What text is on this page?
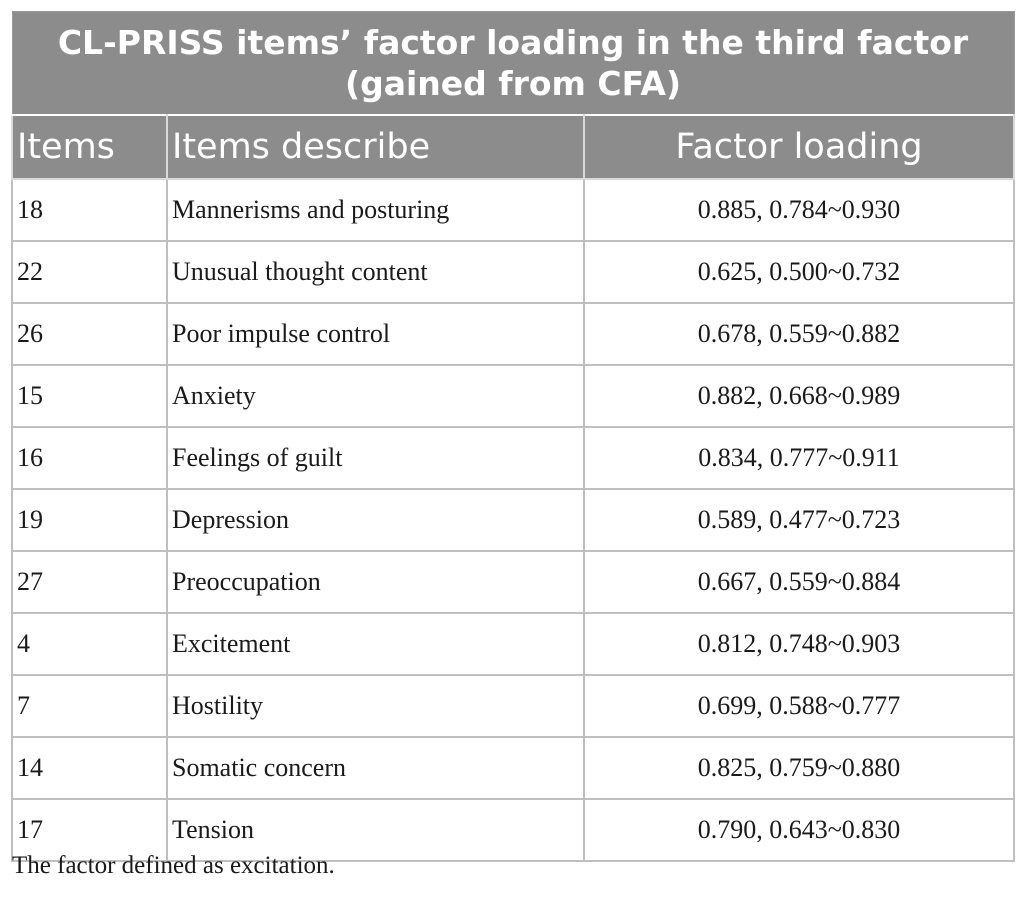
CL-PRISS items’ factor loading in the third factor (gained from CFA)		
Items	Items describe	Factor loading
18	Mannerisms and posturing	0.885, 0.784~0.930
22	Unusual thought content	0.625, 0.500~0.732
26	Poor impulse control	0.678, 0.559~0.882
15	Anxiety	0.882, 0.668~0.989
16	Feelings of guilt	0.834, 0.777~0.911
19	Depression	0.589, 0.477~0.723
27	Preoccupation	0.667, 0.559~0.884
4	Excitement	0.812, 0.748~0.903
7	Hostility	0.699, 0.588~0.777
14	Somatic concern	0.825, 0.759~0.880
17	Tension	0.790, 0.643~0.830
The factor defined as excitation.
